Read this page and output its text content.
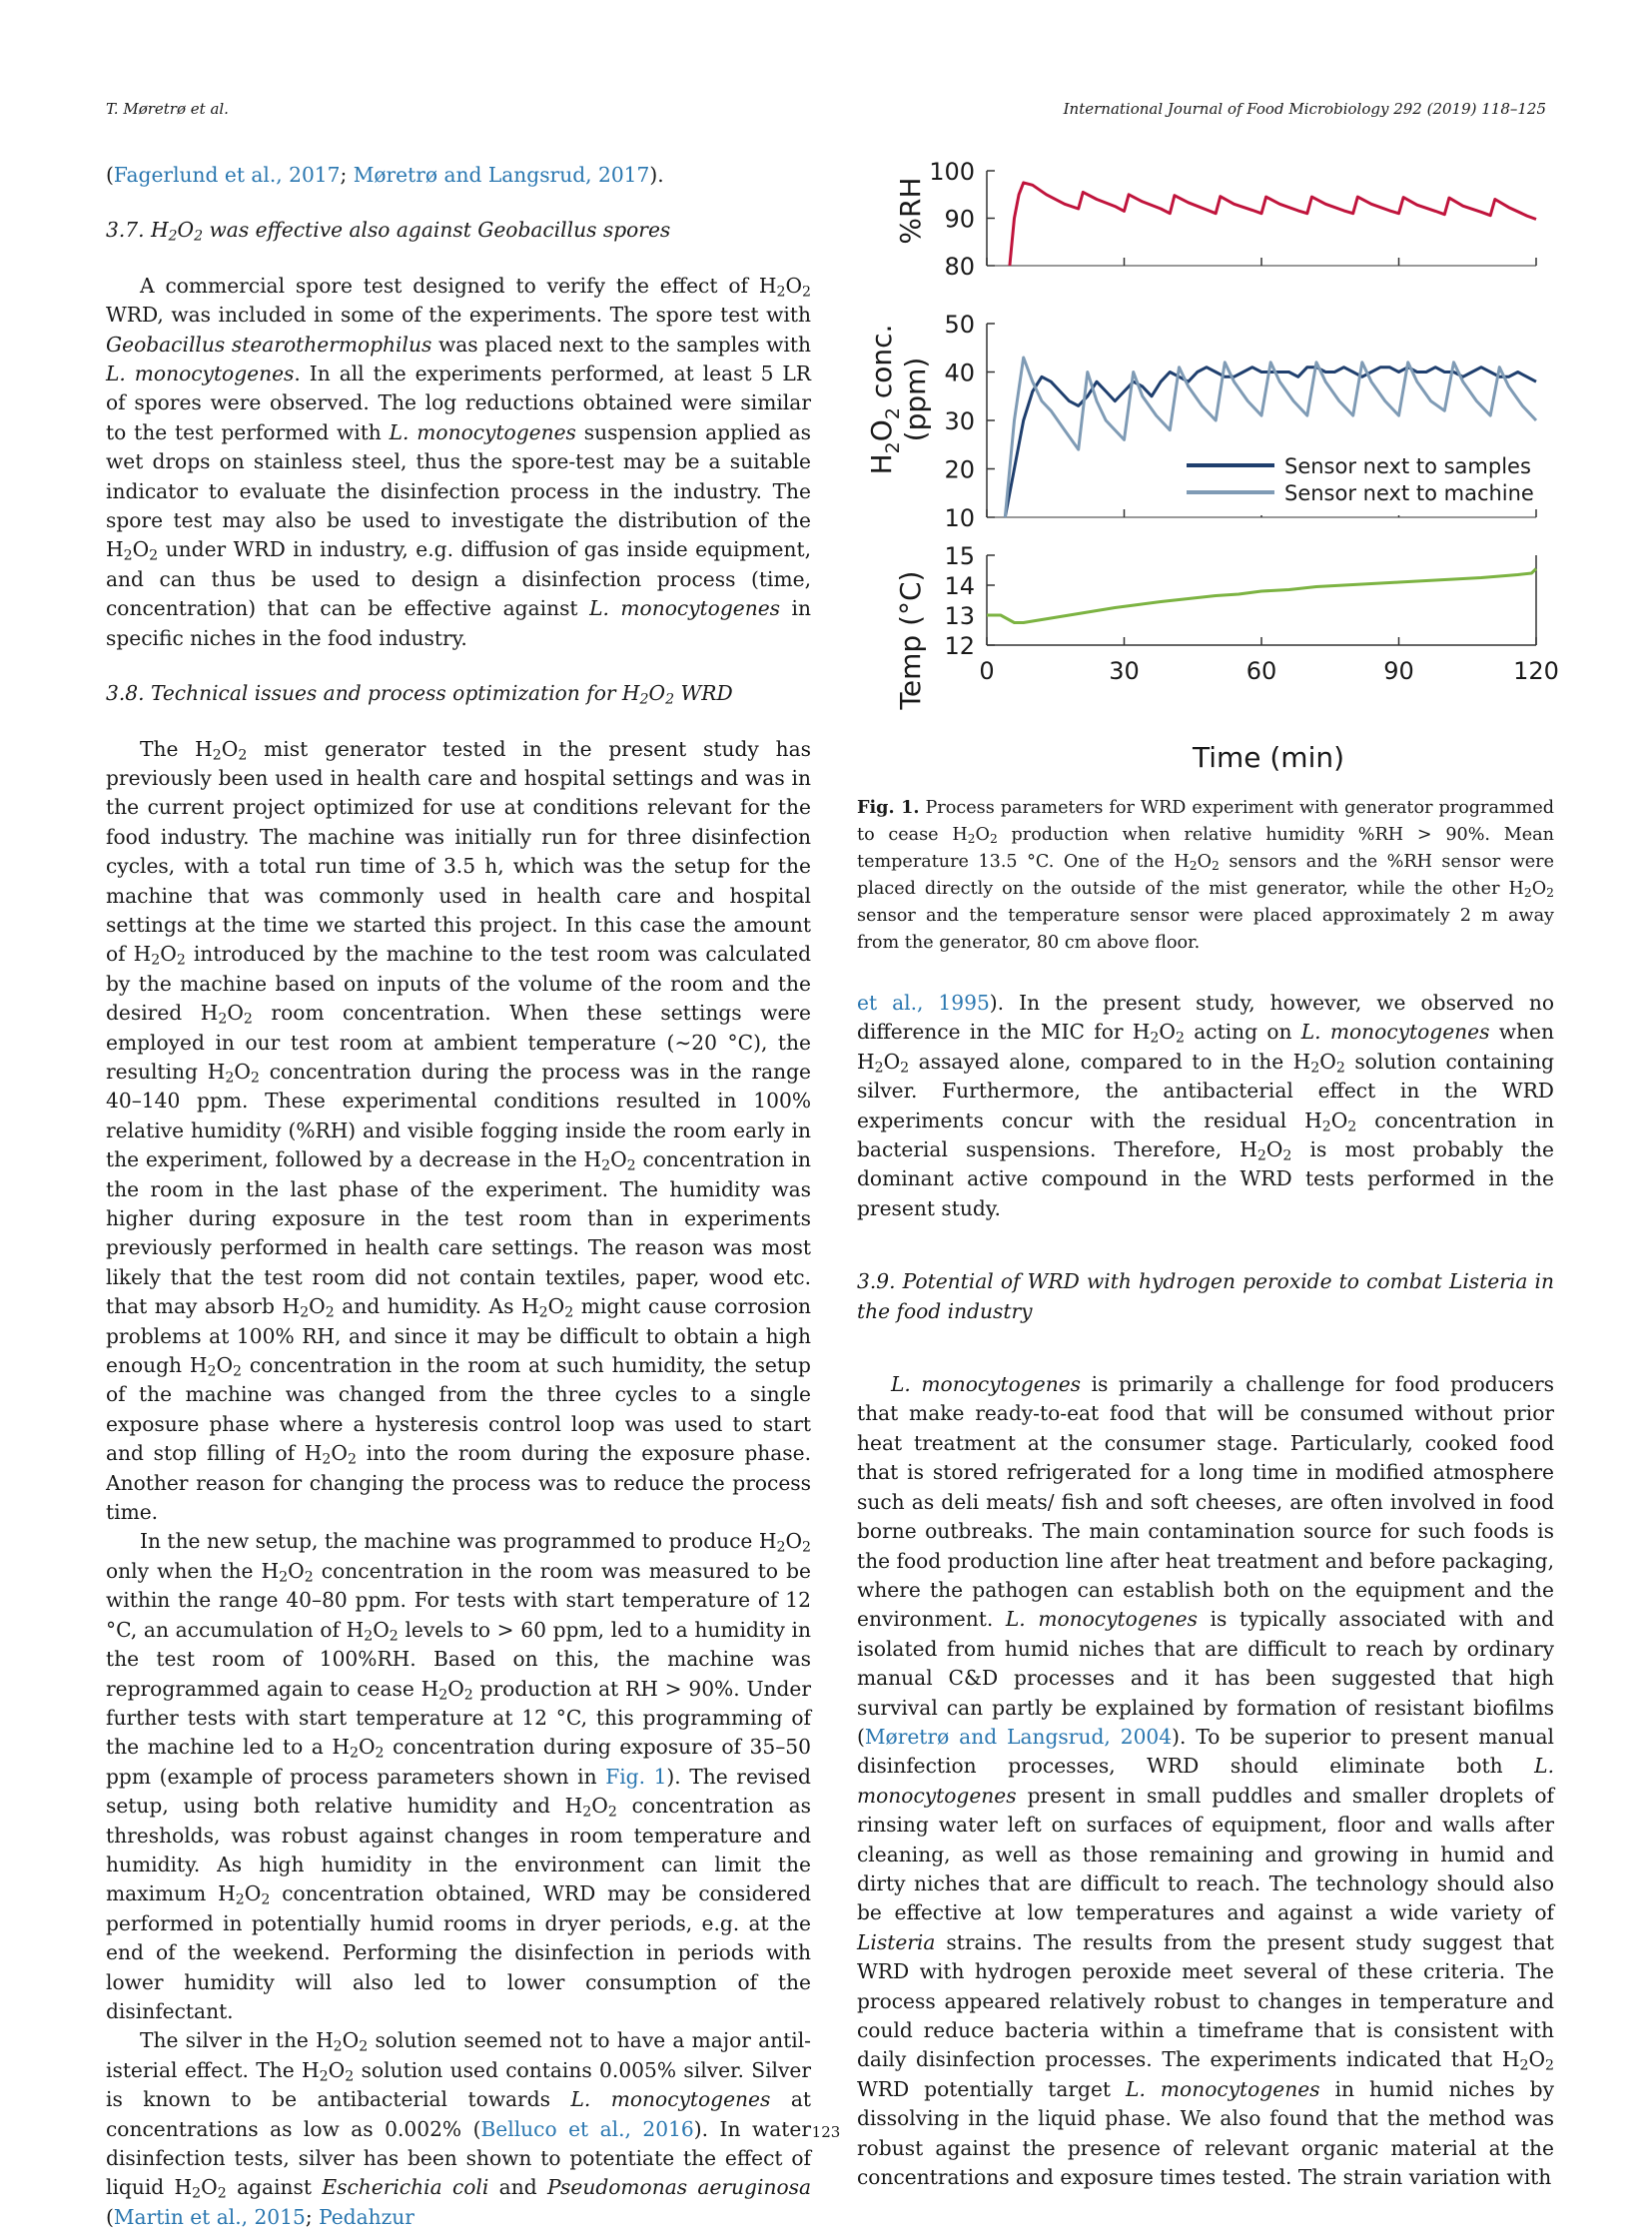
T. Møretrø et al.	International Journal of Food Microbiology 292 (2019) 118–125

(Fagerlund et al., 2017; Møretrø and Langsrud, 2017).

3.7. $H_2O_2$ was effective also against Geobacillus spores

A commercial spore test designed to verify the effect of $H_2O_2$ WRD, was included in some of the experiments. The spore test with Geobacillus stearothermophilus was placed next to the samples with L. monocytogenes. In all the experiments performed, at least 5 LR of spores were observed. The log reductions obtained were similar to the test performed with L. monocytogenes suspension applied as wet drops on stainless steel, thus the spore-test may be a suitable indicator to evaluate the disinfection process in the industry. The spore test may also be used to investigate the distribution of the $H_2O_2$ under WRD in industry, e.g. diffusion of gas inside equipment, and can thus be used to design a disinfection process (time, concentration) that can be effective against L. monocytogenes in specific niches in the food industry.

3.8. Technical issues and process optimization for $H_2O_2$ WRD

The $H_2O_2$ mist generator tested in the present study has previously been used in health care and hospital settings and was in the current project optimized for use at conditions relevant for the food industry. The machine was initially run for three disinfection cycles, with a total run time of 3.5 h, which was the setup for the machine that was commonly used in health care and hospital settings at the time we started this project. In this case the amount of $H_2O_2$ introduced by the machine to the test room was calculated by the machine based on inputs of the volume of the room and the desired $H_2O_2$ room concentration. When these settings were employed in our test room at ambient temperature (∼20 °C), the resulting $H_2O_2$ concentration during the process was in the range 40–140 ppm. These experimental conditions resulted in 100% relative humidity (%RH) and visible fogging inside the room early in the experiment, followed by a decrease in the $H_2O_2$ concentration in the room in the last phase of the experiment. The humidity was higher during exposure in the test room than in experiments previously performed in health care settings. The reason was most likely that the test room did not contain textiles, paper, wood etc. that may absorb $H_2O_2$ and humidity. As $H_2O_2$ might cause corrosion problems at 100% RH, and since it may be difficult to obtain a high enough $H_2O_2$ concentration in the room at such humidity, the setup of the machine was changed from the three cycles to a single exposure phase where a hysteresis control loop was used to start and stop filling of $H_2O_2$ into the room during the exposure phase. Another reason for changing the process was to reduce the process time.

In the new setup, the machine was programmed to produce $H_2O_2$ only when the $H_2O_2$ concentration in the room was measured to be within the range 40–80 ppm. For tests with start temperature of 12 °C, an accumulation of $H_2O_2$ levels to > 60 ppm, led to a humidity in the test room of 100%RH. Based on this, the machine was reprogrammed again to cease $H_2O_2$ production at RH > 90%. Under further tests with start temperature at 12 °C, this programming of the machine led to a $H_2O_2$ concentration during exposure of 35–50 ppm (example of process parameters shown in Fig. 1). The revised setup, using both relative humidity and $H_2O_2$ concentration as thresholds, was robust against changes in room temperature and humidity. As high humidity in the environment can limit the maximum $H_2O_2$ concentration obtained, WRD may be considered performed in potentially humid rooms in dryer periods, e.g. at the end of the weekend. Performing the disinfection in periods with lower humidity will also led to lower consumption of the disinfectant.

The silver in the $H_2O_2$ solution seemed not to have a major antilisterial effect. The $H_2O_2$ solution used contains 0.005% silver. Silver is known to be antibacterial towards L. monocytogenes at concentrations as low as 0.002% (Belluco et al., 2016). In water disinfection tests, silver has been shown to potentiate the effect of liquid $H_2O_2$ against Escherichia coli and Pseudomonas aeruginosa (Martin et al., 2015; Pedahzur

80
90
100
10
20
30
40
50
12
13
14
15
0	30	60	90	120
%RH
$H_2O_2$ conc. (ppm)
Temp (°C)
Time (min)
Sensor next to samples
Sensor next to machine
Fig. 1. Process parameters for WRD experiment with generator programmed to cease $H_2O_2$ production when relative humidity %RH > 90%. Mean temperature 13.5 °C. One of the $H_2O_2$ sensors and the %RH sensor were placed directly on the outside of the mist generator, while the other $H_2O_2$ sensor and the temperature sensor were placed approximately 2 m away from the generator, 80 cm above floor.

et al., 1995). In the present study, however, we observed no difference in the MIC for $H_2O_2$ acting on L. monocytogenes when $H_2O_2$ assayed alone, compared to in the $H_2O_2$ solution containing silver. Furthermore, the antibacterial effect in the WRD experiments concur with the residual $H_2O_2$ concentration in bacterial suspensions. Therefore, $H_2O_2$ is most probably the dominant active compound in the WRD tests performed in the present study.

3.9. Potential of WRD with hydrogen peroxide to combat Listeria in the food industry

L. monocytogenes is primarily a challenge for food producers that make ready-to-eat food that will be consumed without prior heat treatment at the consumer stage. Particularly, cooked food that is stored refrigerated for a long time in modified atmosphere such as deli meats/ fish and soft cheeses, are often involved in food borne outbreaks. The main contamination source for such foods is the food production line after heat treatment and before packaging, where the pathogen can establish both on the equipment and the environment. L. monocytogenes is typically associated with and isolated from humid niches that are difficult to reach by ordinary manual C&D processes and it has been suggested that high survival can partly be explained by formation of resistant biofilms (Møretrø and Langsrud, 2004). To be superior to present manual disinfection processes, WRD should eliminate both L. monocytogenes present in small puddles and smaller droplets of rinsing water left on surfaces of equipment, floor and walls after cleaning, as well as those remaining and growing in humid and dirty niches that are difficult to reach. The technology should also be effective at low temperatures and against a wide variety of Listeria strains. The results from the present study suggest that WRD with hydrogen peroxide meet several of these criteria. The process appeared relatively robust to changes in temperature and could reduce bacteria within a timeframe that is consistent with daily disinfection processes. The experiments indicated that $H_2O_2$ WRD potentially target L. monocytogenes in humid niches by dissolving in the liquid phase. We also found that the method was robust against the presence of relevant organic material at the concentrations and exposure times tested. The strain variation with

123
